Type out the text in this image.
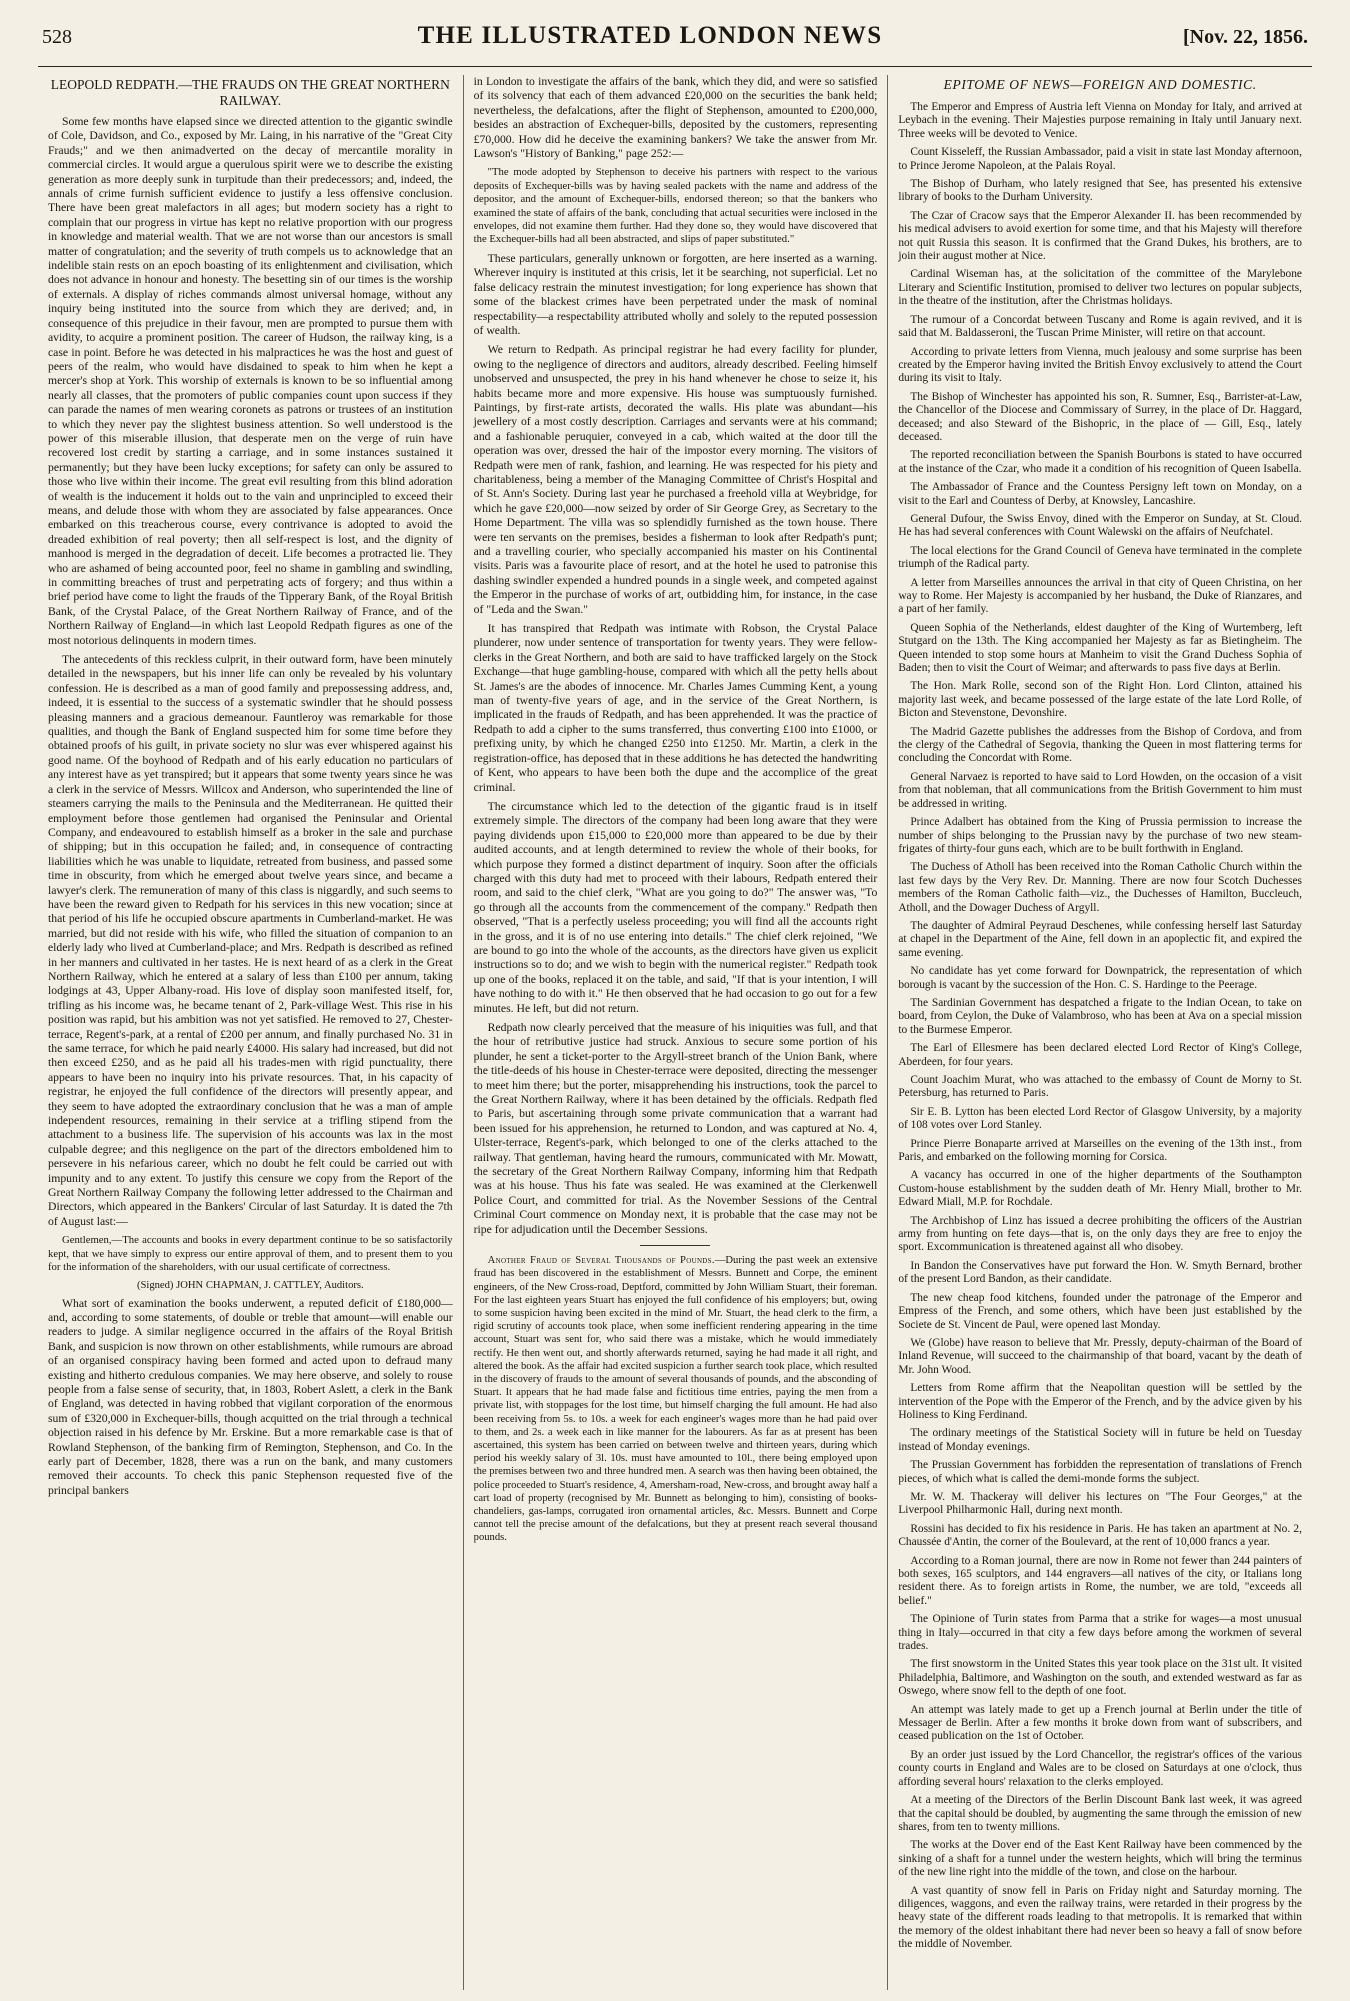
528	THE ILLUSTRATED LONDON NEWS	[Nov. 22, 1856.
LEOPOLD REDPATH.—THE FRAUDS ON THE GREAT NORTHERN RAILWAY.

Some few months have elapsed since we directed attention to the gigantic swindle of Cole, Davidson, and Co., exposed by Mr. Laing, in his narrative of the "Great City Frauds;" and we then animadverted on the decay of mercantile morality in commercial circles. It would argue a querulous spirit were we to describe the existing generation as more deeply sunk in turpitude than their predecessors; and, indeed, the annals of crime furnish sufficient evidence to justify a less offensive conclusion. There have been great malefactors in all ages; but modern society has a right to complain that our progress in virtue has kept no relative proportion with our progress in knowledge and material wealth. That we are not worse than our ancestors is small matter of congratulation; and the severity of truth compels us to acknowledge that an indelible stain rests on an epoch boasting of its enlightenment and civilisation, which does not advance in honour and honesty. The besetting sin of our times is the worship of externals. A display of riches commands almost universal homage, without any inquiry being instituted into the source from which they are derived; and, in consequence of this prejudice in their favour, men are prompted to pursue them with avidity, to acquire a prominent position. The career of Hudson, the railway king, is a case in point. Before he was detected in his malpractices he was the host and guest of peers of the realm, who would have disdained to speak to him when he kept a mercer's shop at York. This worship of externals is known to be so influential among nearly all classes, that the promoters of public companies count upon success if they can parade the names of men wearing coronets as patrons or trustees of an institution to which they never pay the slightest business attention. So well understood is the power of this miserable illusion, that desperate men on the verge of ruin have recovered lost credit by starting a carriage, and in some instances sustained it permanently; but they have been lucky exceptions; for safety can only be assured to those who live within their income. The great evil resulting from this blind adoration of wealth is the inducement it holds out to the vain and unprincipled to exceed their means, and delude those with whom they are associated by false appearances. Once embarked on this treacherous course, every contrivance is adopted to avoid the dreaded exhibition of real poverty; then all self-respect is lost, and the dignity of manhood is merged in the degradation of deceit. Life becomes a protracted lie. They who are ashamed of being accounted poor, feel no shame in gambling and swindling, in committing breaches of trust and perpetrating acts of forgery; and thus within a brief period have come to light the frauds of the Tipperary Bank, of the Royal British Bank, of the Crystal Palace, of the Great Northern Railway of France, and of the Northern Railway of England—in which last Leopold Redpath figures as one of the most notorious delinquents in modern times.

The antecedents of this reckless culprit, in their outward form, have been minutely detailed in the newspapers, but his inner life can only be revealed by his voluntary confession. He is described as a man of good family and prepossessing address, and, indeed, it is essential to the success of a systematic swindler that he should possess pleasing manners and a gracious demeanour. Fauntleroy was remarkable for those qualities, and though the Bank of England suspected him for some time before they obtained proofs of his guilt, in private society no slur was ever whispered against his good name. Of the boyhood of Redpath and of his early education no particulars of any interest have as yet transpired; but it appears that some twenty years since he was a clerk in the service of Messrs. Willcox and Anderson, who superintended the line of steamers carrying the mails to the Peninsula and the Mediterranean. He quitted their employment before those gentlemen had organised the Peninsular and Oriental Company, and endeavoured to establish himself as a broker in the sale and purchase of shipping; but in this occupation he failed; and, in consequence of contracting liabilities which he was unable to liquidate, retreated from business, and passed some time in obscurity, from which he emerged about twelve years since, and became a lawyer's clerk. The remuneration of many of this class is niggardly, and such seems to have been the reward given to Redpath for his services in this new vocation; since at that period of his life he occupied obscure apartments in Cumberland-market. He was married, but did not reside with his wife, who filled the situation of companion to an elderly lady who lived at Cumberland-place; and Mrs. Redpath is described as refined in her manners and cultivated in her tastes. He is next heard of as a clerk in the Great Northern Railway, which he entered at a salary of less than £100 per annum, taking lodgings at 43, Upper Albany-road. His love of display soon manifested itself, for, trifling as his income was, he became tenant of 2, Park-village West. This rise in his position was rapid, but his ambition was not yet satisfied. He removed to 27, Chester-terrace, Regent's-park, at a rental of £200 per annum, and finally purchased No. 31 in the same terrace, for which he paid nearly £4000. His salary had increased, but did not then exceed £250, and as he paid all his trades-men with rigid punctuality, there appears to have been no inquiry into his private resources. That, in his capacity of registrar, he enjoyed the full confidence of the directors will presently appear, and they seem to have adopted the extraordinary conclusion that he was a man of ample independent resources, remaining in their service at a trifling stipend from the attachment to a business life. The supervision of his accounts was lax in the most culpable degree; and this negligence on the part of the directors emboldened him to persevere in his nefarious career, which no doubt he felt could be carried out with impunity and to any extent. To justify this censure we copy from the Report of the Great Northern Railway Company the following letter addressed to the Chairman and Directors, which appeared in the Bankers' Circular of last Saturday. It is dated the 7th of August last:—

Gentlemen,—The accounts and books in every department continue to be so satisfactorily kept, that we have simply to express our entire approval of them, and to present them to you for the information of the shareholders, with our usual certificate of correctness.

(Signed) JOHN CHAPMAN, J. CATTLEY, Auditors.

What sort of examination the books underwent, a reputed deficit of £180,000—and, according to some statements, of double or treble that amount—will enable our readers to judge. A similar negligence occurred in the affairs of the Royal British Bank, and suspicion is now thrown on other establishments, while rumours are abroad of an organised conspiracy having been formed and acted upon to defraud many existing and hitherto credulous companies. We may here observe, and solely to rouse people from a false sense of security, that, in 1803, Robert Aslett, a clerk in the Bank of England, was detected in having robbed that vigilant corporation of the enormous sum of £320,000 in Exchequer-bills, though acquitted on the trial through a technical objection raised in his defence by Mr. Erskine. But a more remarkable case is that of Rowland Stephenson, of the banking firm of Remington, Stephenson, and Co. In the early part of December, 1828, there was a run on the bank, and many customers removed their accounts. To check this panic Stephenson requested five of the principal bankers

in London to investigate the affairs of the bank, which they did, and were so satisfied of its solvency that each of them advanced £20,000 on the securities the bank held; nevertheless, the defalcations, after the flight of Stephenson, amounted to £200,000, besides an abstraction of Exchequer-bills, deposited by the customers, representing £70,000. How did he deceive the examining bankers? We take the answer from Mr. Lawson's "History of Banking," page 252:—

"The mode adopted by Stephenson to deceive his partners with respect to the various deposits of Exchequer-bills was by having sealed packets with the name and address of the depositor, and the amount of Exchequer-bills, endorsed thereon; so that the bankers who examined the state of affairs of the bank, concluding that actual securities were inclosed in the envelopes, did not examine them further. Had they done so, they would have discovered that the Exchequer-bills had all been abstracted, and slips of paper substituted."

These particulars, generally unknown or forgotten, are here inserted as a warning. Wherever inquiry is instituted at this crisis, let it be searching, not superficial. Let no false delicacy restrain the minutest investigation; for long experience has shown that some of the blackest crimes have been perpetrated under the mask of nominal respectability—a respectability attributed wholly and solely to the reputed possession of wealth.

We return to Redpath. As principal registrar he had every facility for plunder, owing to the negligence of directors and auditors, already described. Feeling himself unobserved and unsuspected, the prey in his hand whenever he chose to seize it, his habits became more and more expensive. His house was sumptuously furnished. Paintings, by first-rate artists, decorated the walls. His plate was abundant—his jewellery of a most costly description. Carriages and servants were at his command; and a fashionable peruquier, conveyed in a cab, which waited at the door till the operation was over, dressed the hair of the impostor every morning. The visitors of Redpath were men of rank, fashion, and learning. He was respected for his piety and charitableness, being a member of the Managing Committee of Christ's Hospital and of St. Ann's Society. During last year he purchased a freehold villa at Weybridge, for which he gave £20,000—now seized by order of Sir George Grey, as Secretary to the Home Department. The villa was so splendidly furnished as the town house. There were ten servants on the premises, besides a fisherman to look after Redpath's punt; and a travelling courier, who specially accompanied his master on his Continental visits. Paris was a favourite place of resort, and at the hotel he used to patronise this dashing swindler expended a hundred pounds in a single week, and competed against the Emperor in the purchase of works of art, outbidding him, for instance, in the case of "Leda and the Swan."

It has transpired that Redpath was intimate with Robson, the Crystal Palace plunderer, now under sentence of transportation for twenty years. They were fellow-clerks in the Great Northern, and both are said to have trafficked largely on the Stock Exchange—that huge gambling-house, compared with which all the petty hells about St. James's are the abodes of innocence. Mr. Charles James Cumming Kent, a young man of twenty-five years of age, and in the service of the Great Northern, is implicated in the frauds of Redpath, and has been apprehended. It was the practice of Redpath to add a cipher to the sums transferred, thus converting £100 into £1000, or prefixing unity, by which he changed £250 into £1250. Mr. Martin, a clerk in the registration-office, has deposed that in these additions he has detected the handwriting of Kent, who appears to have been both the dupe and the accomplice of the great criminal.

The circumstance which led to the detection of the gigantic fraud is in itself extremely simple. The directors of the company had been long aware that they were paying dividends upon £15,000 to £20,000 more than appeared to be due by their audited accounts, and at length determined to review the whole of their books, for which purpose they formed a distinct department of inquiry. Soon after the officials charged with this duty had met to proceed with their labours, Redpath entered their room, and said to the chief clerk, "What are you going to do?" The answer was, "To go through all the accounts from the commencement of the company." Redpath then observed, "That is a perfectly useless proceeding; you will find all the accounts right in the gross, and it is of no use entering into details." The chief clerk rejoined, "We are bound to go into the whole of the accounts, as the directors have given us explicit instructions so to do; and we wish to begin with the numerical register." Redpath took up one of the books, replaced it on the table, and said, "If that is your intention, I will have nothing to do with it." He then observed that he had occasion to go out for a few minutes. He left, but did not return.

Redpath now clearly perceived that the measure of his iniquities was full, and that the hour of retributive justice had struck. Anxious to secure some portion of his plunder, he sent a ticket-porter to the Argyll-street branch of the Union Bank, where the title-deeds of his house in Chester-terrace were deposited, directing the messenger to meet him there; but the porter, misapprehending his instructions, took the parcel to the Great Northern Railway, where it has been detained by the officials. Redpath fled to Paris, but ascertaining through some private communication that a warrant had been issued for his apprehension, he returned to London, and was captured at No. 4, Ulster-terrace, Regent's-park, which belonged to one of the clerks attached to the railway. That gentleman, having heard the rumours, communicated with Mr. Mowatt, the secretary of the Great Northern Railway Company, informing him that Redpath was at his house. Thus his fate was sealed. He was examined at the Clerkenwell Police Court, and committed for trial. As the November Sessions of the Central Criminal Court commence on Monday next, it is probable that the case may not be ripe for adjudication until the December Sessions.

Another Fraud of Several Thousands of Pounds.—During the past week an extensive fraud has been discovered in the establishment of Messrs. Bunnett and Corpe, the eminent engineers, of the New Cross-road, Deptford, committed by John William Stuart, their foreman. For the last eighteen years Stuart has enjoyed the full confidence of his employers; but, owing to some suspicion having been excited in the mind of Mr. Stuart, the head clerk to the firm, a rigid scrutiny of accounts took place, when some inefficient rendering appearing in the time account, Stuart was sent for, who said there was a mistake, which he would immediately rectify. He then went out, and shortly afterwards returned, saying he had made it all right, and altered the book. As the affair had excited suspicion a further search took place, which resulted in the discovery of frauds to the amount of several thousands of pounds, and the absconding of Stuart. It appears that he had made false and fictitious time entries, paying the men from a private list, with stoppages for the lost time, but himself charging the full amount. He had also been receiving from 5s. to 10s. a week for each engineer's wages more than he had paid over to them, and 2s. a week each in like manner for the labourers. As far as at present has been ascertained, this system has been carried on between twelve and thirteen years, during which period his weekly salary of 3l. 10s. must have amounted to 10l., there being employed upon the premises between two and three hundred men. A search was then having been obtained, the police proceeded to Stuart's residence, 4, Amersham-road, New-cross, and brought away half a cart load of property (recognised by Mr. Bunnett as belonging to him), consisting of books-chandeliers, gas-lamps, corrugated iron ornamental articles, &c. Messrs. Bunnett and Corpe cannot tell the precise amount of the defalcations, but they at present reach several thousand pounds.

EPITOME OF NEWS—FOREIGN AND DOMESTIC.

The Emperor and Empress of Austria left Vienna on Monday for Italy, and arrived at Leybach in the evening. Their Majesties purpose remaining in Italy until January next. Three weeks will be devoted to Venice.

Count Kisseleff, the Russian Ambassador, paid a visit in state last Monday afternoon, to Prince Jerome Napoleon, at the Palais Royal.

The Bishop of Durham, who lately resigned that See, has presented his extensive library of books to the Durham University.

The Czar of Cracow says that the Emperor Alexander II. has been recommended by his medical advisers to avoid exertion for some time, and that his Majesty will therefore not quit Russia this season. It is confirmed that the Grand Dukes, his brothers, are to join their august mother at Nice.

Cardinal Wiseman has, at the solicitation of the committee of the Marylebone Literary and Scientific Institution, promised to deliver two lectures on popular subjects, in the theatre of the institution, after the Christmas holidays.

The rumour of a Concordat between Tuscany and Rome is again revived, and it is said that M. Baldasseroni, the Tuscan Prime Minister, will retire on that account.

According to private letters from Vienna, much jealousy and some surprise has been created by the Emperor having invited the British Envoy exclusively to attend the Court during its visit to Italy.

The Bishop of Winchester has appointed his son, R. Sumner, Esq., Barrister-at-Law, the Chancellor of the Diocese and Commissary of Surrey, in the place of Dr. Haggard, deceased; and also Steward of the Bishopric, in the place of — Gill, Esq., lately deceased.

The reported reconciliation between the Spanish Bourbons is stated to have occurred at the instance of the Czar, who made it a condition of his recognition of Queen Isabella.

The Ambassador of France and the Countess Persigny left town on Monday, on a visit to the Earl and Countess of Derby, at Knowsley, Lancashire.

General Dufour, the Swiss Envoy, dined with the Emperor on Sunday, at St. Cloud. He has had several conferences with Count Walewski on the affairs of Neufchatel.

The local elections for the Grand Council of Geneva have terminated in the complete triumph of the Radical party.

A letter from Marseilles announces the arrival in that city of Queen Christina, on her way to Rome. Her Majesty is accompanied by her husband, the Duke of Rianzares, and a part of her family.

Queen Sophia of the Netherlands, eldest daughter of the King of Wurtemberg, left Stutgard on the 13th. The King accompanied her Majesty as far as Bietingheim. The Queen intended to stop some hours at Manheim to visit the Grand Duchess Sophia of Baden; then to visit the Court of Weimar; and afterwards to pass five days at Berlin.

The Hon. Mark Rolle, second son of the Right Hon. Lord Clinton, attained his majority last week, and became possessed of the large estate of the late Lord Rolle, of Bicton and Stevenstone, Devonshire.

The Madrid Gazette publishes the addresses from the Bishop of Cordova, and from the clergy of the Cathedral of Segovia, thanking the Queen in most flattering terms for concluding the Concordat with Rome.

General Narvaez is reported to have said to Lord Howden, on the occasion of a visit from that nobleman, that all communications from the British Government to him must be addressed in writing.

Prince Adalbert has obtained from the King of Prussia permission to increase the number of ships belonging to the Prussian navy by the purchase of two new steam-frigates of thirty-four guns each, which are to be built forthwith in England.

The Duchess of Atholl has been received into the Roman Catholic Church within the last few days by the Very Rev. Dr. Manning. There are now four Scotch Duchesses members of the Roman Catholic faith—viz., the Duchesses of Hamilton, Buccleuch, Atholl, and the Dowager Duchess of Argyll.

The daughter of Admiral Peyraud Deschenes, while confessing herself last Saturday at chapel in the Department of the Aine, fell down in an apoplectic fit, and expired the same evening.

No candidate has yet come forward for Downpatrick, the representation of which borough is vacant by the succession of the Hon. C. S. Hardinge to the Peerage.

The Sardinian Government has despatched a frigate to the Indian Ocean, to take on board, from Ceylon, the Duke of Valambroso, who has been at Ava on a special mission to the Burmese Emperor.

The Earl of Ellesmere has been declared elected Lord Rector of King's College, Aberdeen, for four years.

Count Joachim Murat, who was attached to the embassy of Count de Morny to St. Petersburg, has returned to Paris.

Sir E. B. Lytton has been elected Lord Rector of Glasgow University, by a majority of 108 votes over Lord Stanley.

Prince Pierre Bonaparte arrived at Marseilles on the evening of the 13th inst., from Paris, and embarked on the following morning for Corsica.

A vacancy has occurred in one of the higher departments of the Southampton Custom-house establishment by the sudden death of Mr. Henry Miall, brother to Mr. Edward Miall, M.P. for Rochdale.

The Archbishop of Linz has issued a decree prohibiting the officers of the Austrian army from hunting on fete days—that is, on the only days they are free to enjoy the sport. Excommunication is threatened against all who disobey.

In Bandon the Conservatives have put forward the Hon. W. Smyth Bernard, brother of the present Lord Bandon, as their candidate.

The new cheap food kitchens, founded under the patronage of the Emperor and Empress of the French, and some others, which have been just established by the Societe de St. Vincent de Paul, were opened last Monday.

We (Globe) have reason to believe that Mr. Pressly, deputy-chairman of the Board of Inland Revenue, will succeed to the chairmanship of that board, vacant by the death of Mr. John Wood.

Letters from Rome affirm that the Neapolitan question will be settled by the intervention of the Pope with the Emperor of the French, and by the advice given by his Holiness to King Ferdinand.

The ordinary meetings of the Statistical Society will in future be held on Tuesday instead of Monday evenings.

The Prussian Government has forbidden the representation of translations of French pieces, of which what is called the demi-monde forms the subject.

Mr. W. M. Thackeray will deliver his lectures on "The Four Georges," at the Liverpool Philharmonic Hall, during next month.

Rossini has decided to fix his residence in Paris. He has taken an apartment at No. 2, Chaussée d'Antin, the corner of the Boulevard, at the rent of 10,000 francs a year.

According to a Roman journal, there are now in Rome not fewer than 244 painters of both sexes, 165 sculptors, and 144 engravers—all natives of the city, or Italians long resident there. As to foreign artists in Rome, the number, we are told, "exceeds all belief."

The Opinione of Turin states from Parma that a strike for wages—a most unusual thing in Italy—occurred in that city a few days before among the workmen of several trades.

The first snowstorm in the United States this year took place on the 31st ult. It visited Philadelphia, Baltimore, and Washington on the south, and extended westward as far as Oswego, where snow fell to the depth of one foot.

An attempt was lately made to get up a French journal at Berlin under the title of Messager de Berlin. After a few months it broke down from want of subscribers, and ceased publication on the 1st of October.

By an order just issued by the Lord Chancellor, the registrar's offices of the various county courts in England and Wales are to be closed on Saturdays at one o'clock, thus affording several hours' relaxation to the clerks employed.

At a meeting of the Directors of the Berlin Discount Bank last week, it was agreed that the capital should be doubled, by augmenting the same through the emission of new shares, from ten to twenty millions.

The works at the Dover end of the East Kent Railway have been commenced by the sinking of a shaft for a tunnel under the western heights, which will bring the terminus of the new line right into the middle of the town, and close on the harbour.

A vast quantity of snow fell in Paris on Friday night and Saturday morning. The diligences, waggons, and even the railway trains, were retarded in their progress by the heavy state of the different roads leading to that metropolis. It is remarked that within the memory of the oldest inhabitant there had never been so heavy a fall of snow before the middle of November.
